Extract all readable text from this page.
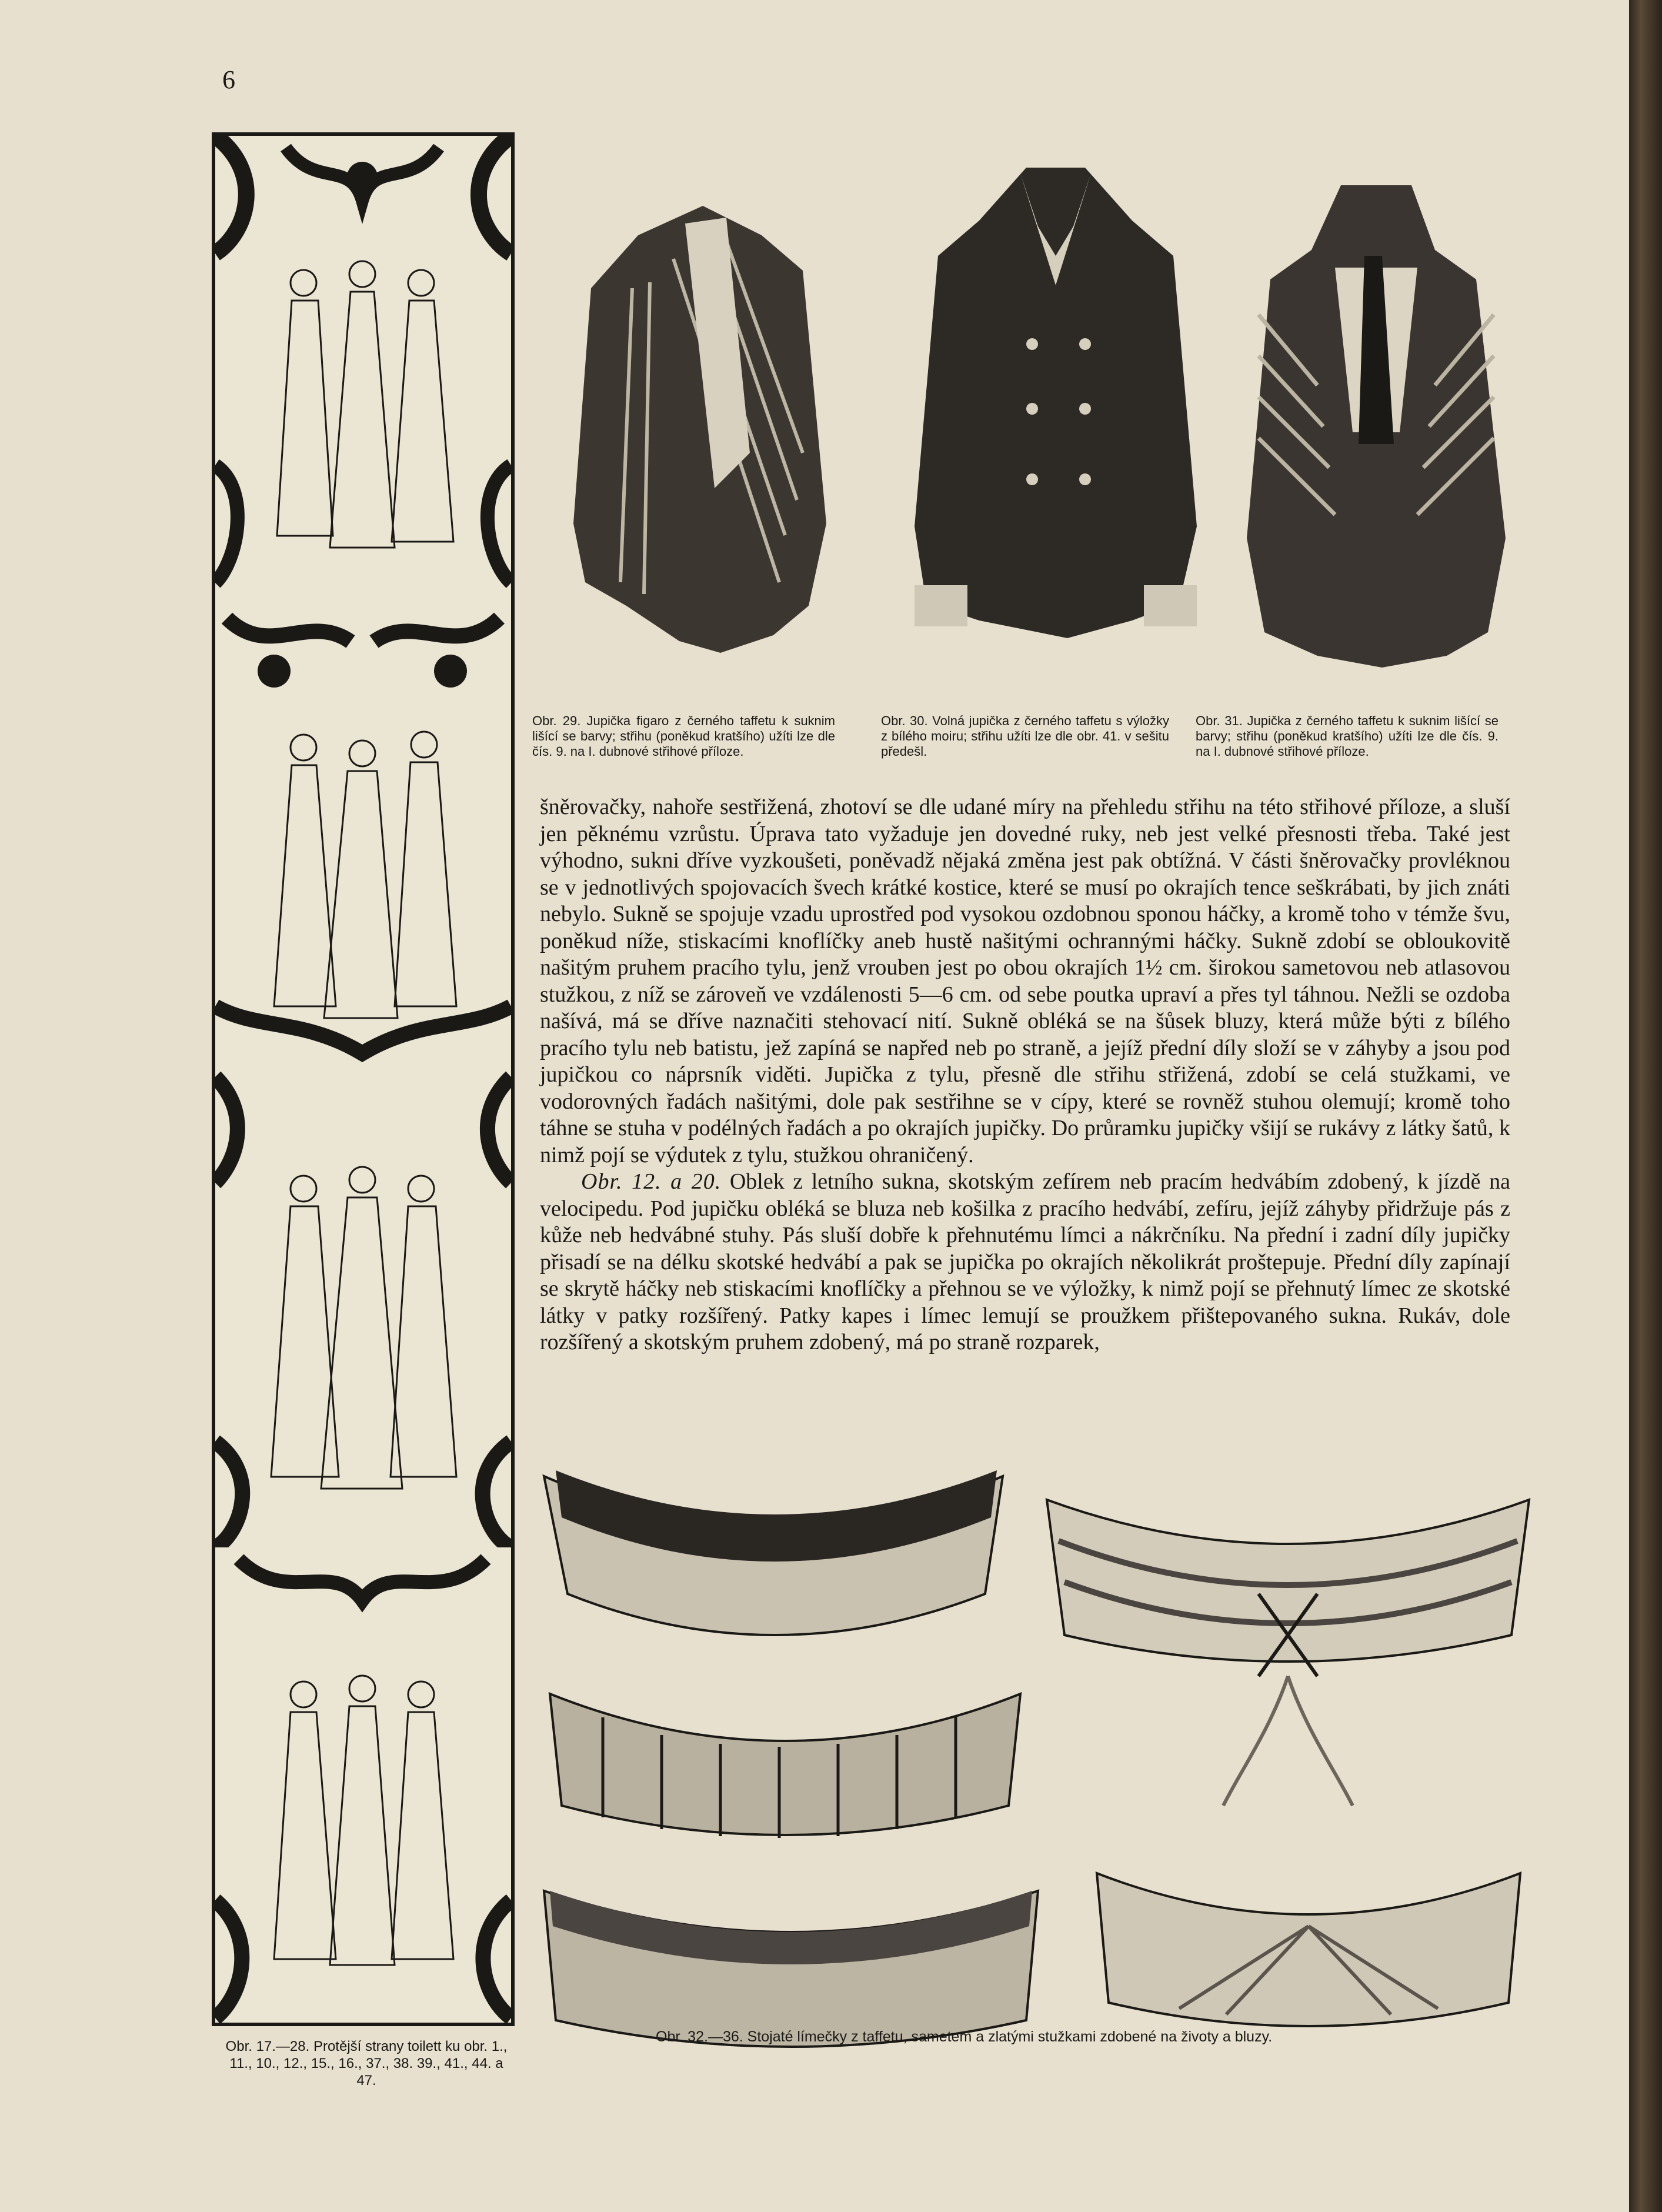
6
Obr. 17.—28. Protější strany toilett ku obr. 1., 11., 10., 12., 15., 16., 37., 38. 39., 41., 44. a 47.
Obr. 29. Jupička figaro z černého taffetu k suknim lišící se barvy; střihu (poněkud kratšího) užíti lze dle čís. 9. na I. dubnové střihové příloze.
Obr. 30. Volná jupička z černého taffetu s výložky z bílého moiru; střihu užíti lze dle obr. 41. v sešitu předešl.
Obr. 31. Jupička z černého taffetu k suknim lišící se barvy; střihu (poněkud kratšího) užíti lze dle čís. 9. na I. dubnové střihové příloze.

šněrovačky, nahoře sestřižená, zhotoví se dle udané míry na přehledu střihu na této střihové příloze, a sluší jen pěknému vzrůstu. Úprava tato vyžaduje jen dovedné ruky, neb jest velké přesnosti třeba. Také jest výhodno, sukni dříve vyzkoušeti, poněvadž nějaká změna jest pak obtížná. V části šněrovačky provléknou se v jednotlivých spojovacích švech krátké kostice, které se musí po okrajích tence seškrábati, by jich znáti nebylo. Sukně se spojuje vzadu uprostřed pod vysokou ozdobnou sponou háčky, a kromě toho v témže švu, poněkud níže, stiskacími knoflíčky aneb hustě našitými ochrannými háčky. Sukně zdobí se obloukovitě našitým pruhem pracího tylu, jenž vrouben jest po obou okrajích 1½ cm. širokou sametovou neb atlasovou stužkou, z níž se zároveň ve vzdálenosti 5—6 cm. od sebe poutka upraví a přes tyl táhnou. Nežli se ozdoba našívá, má se dříve naznačiti stehovací nití. Sukně obléká se na šůsek bluzy, která může býti z bílého pracího tylu neb batistu, jež zapíná se napřed neb po straně, a jejíž přední díly složí se v záhyby a jsou pod jupičkou co náprsník viděti. Jupička z tylu, přesně dle střihu střižená, zdobí se celá stužkami, ve vodorovných řadách našitými, dole pak sestřihne se v cípy, které se rovněž stuhou olemují; kromě toho táhne se stuha v podélných řadách a po okrajích jupičky. Do průramku jupičky všijí se rukávy z látky šatů, k nimž pojí se výdutek z tylu, stužkou ohraničený.

Obr. 12. a 20. Oblek z letního sukna, skotským zefírem neb pracím hedvábím zdobený, k jízdě na velocipedu. Pod jupičku obléká se bluza neb košilka z pracího hedvábí, zefíru, jejíž záhyby přidržuje pás z kůže neb hedvábné stuhy. Pás sluší dobře k přehnutému límci a nákrčníku. Na přední i zadní díly jupičky přisadí se na délku skotské hedvábí a pak se jupička po okrajích několikrát proštepuje. Přední díly zapínají se skrytě háčky neb stiskacími knoflíčky a přehnou se ve výložky, k nimž pojí se přehnutý límec ze skotské látky v patky rozšířený. Patky kapes i límec lemují se proužkem přištepovaného sukna. Rukáv, dole rozšířený a skotským pruhem zdobený, má po straně rozparek,

Obr. 32.—36. Stojaté límečky z taffetu, sametem a zlatými stužkami zdobené na životy a bluzy.
